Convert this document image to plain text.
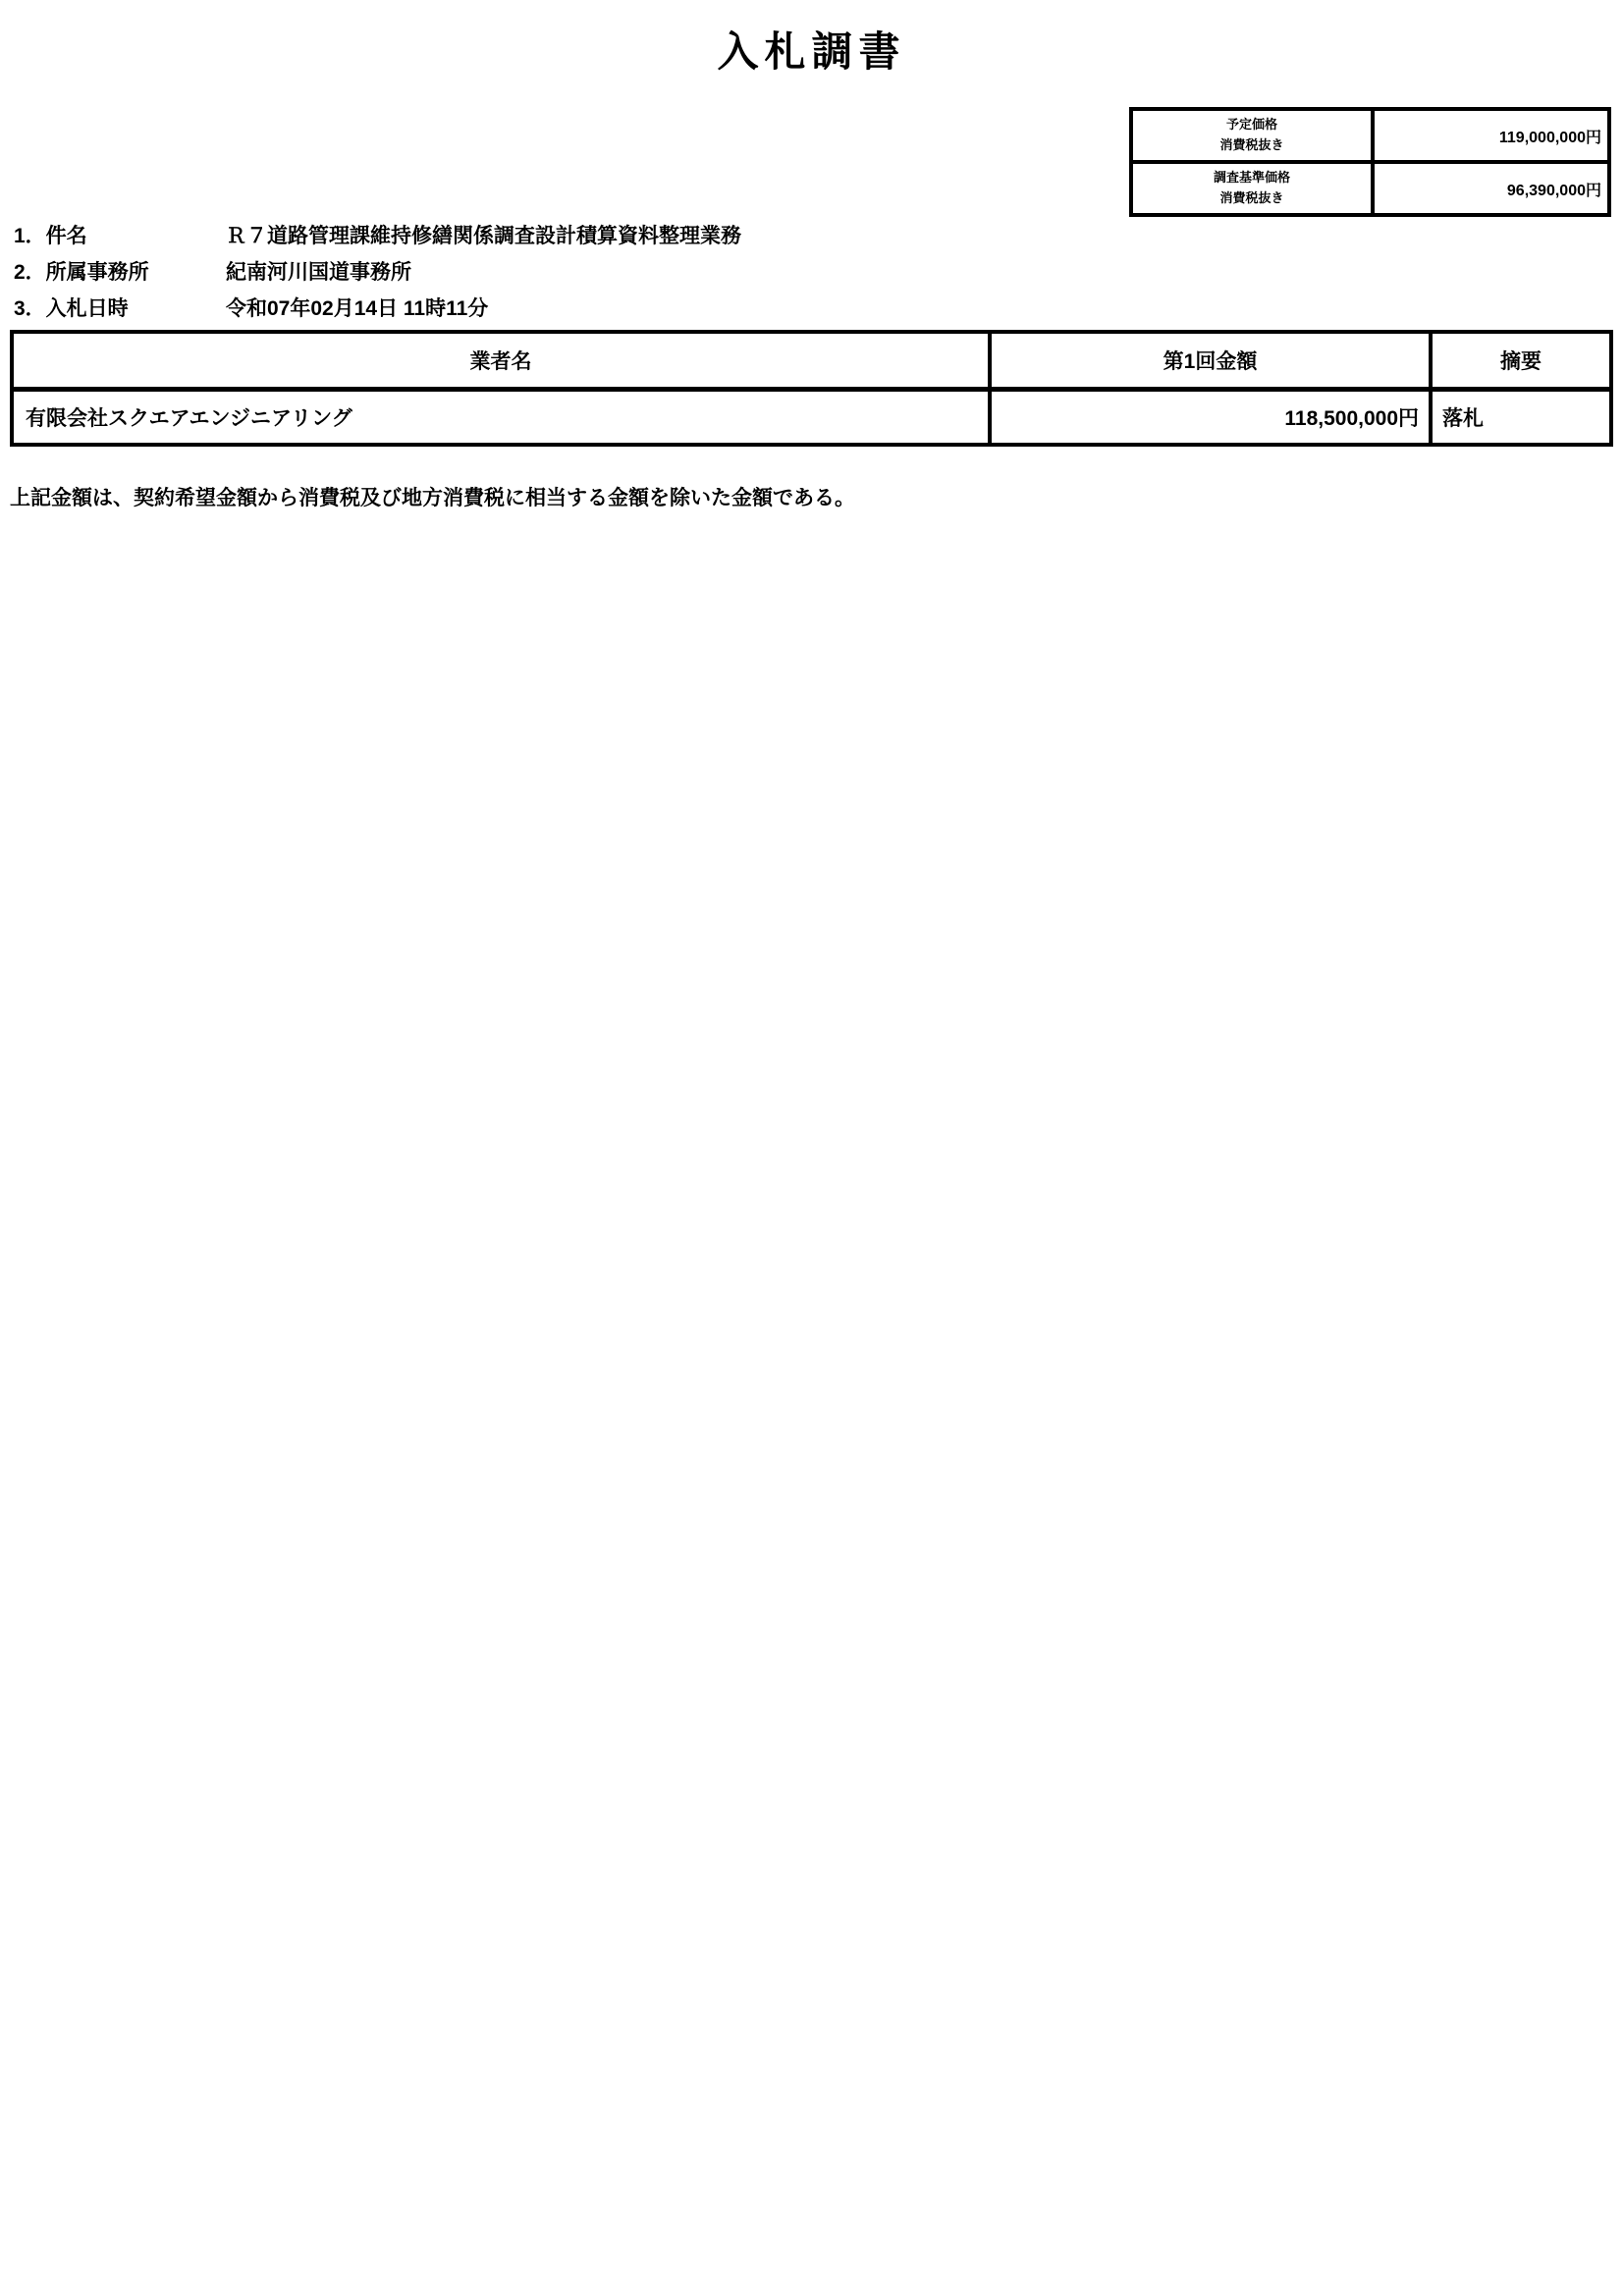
入札調書
予定価格
消費税抜き	119,000,000円

調査基準価格
消費税抜き	96,390,000円
1．件名	Ｒ７道路管理課維持修繕関係調査設計積算資料整理業務
2．所属事務所	紀南河川国道事務所
3．入札日時	令和07年02月14日 11時11分
業者名	第1回金額	摘要
有限会社スクエアエンジニアリング	118,500,000円	落札
上記金額は、契約希望金額から消費税及び地方消費税に相当する金額を除いた金額である。
